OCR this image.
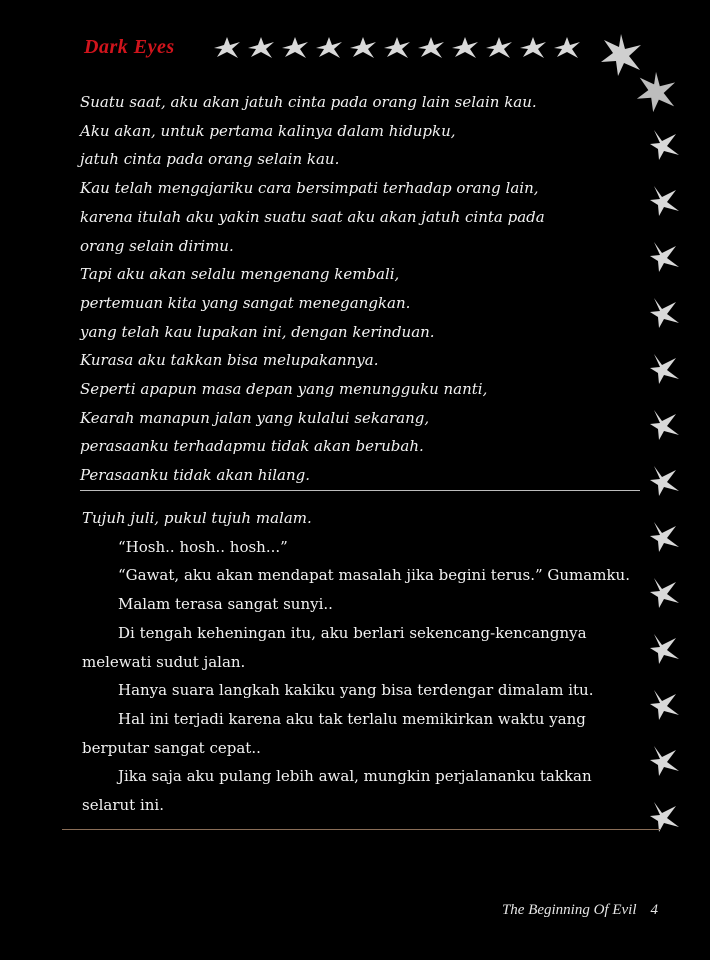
Dark Eyes
Suatu saat, aku akan jatuh cinta pada orang lain selain kau.
Aku akan, untuk pertama kalinya dalam hidupku,
jatuh cinta pada orang selain kau.
Kau telah mengajariku cara bersimpati terhadap orang lain,
karena itulah aku yakin suatu saat aku akan jatuh cinta pada
orang selain dirimu.
Tapi aku akan selalu mengenang kembali,
pertemuan kita yang sangat menegangkan.
yang telah kau lupakan ini, dengan kerinduan.
Kurasa aku takkan bisa melupakannya.
Seperti apapun masa depan yang menungguku nanti,
Kearah manapun jalan yang kulalui sekarang,
perasaanku terhadapmu tidak akan berubah.
Perasaanku tidak akan hilang.
Tujuh juli, pukul tujuh malam.
“Hosh.. hosh.. hosh...”
“Gawat, aku akan mendapat masalah jika begini terus.” Gumamku.
Malam terasa sangat sunyi..
Di tengah keheningan itu, aku berlari sekencang-kencangnya melewati sudut jalan.
Hanya suara langkah kakiku yang bisa terdengar dimalam itu.
Hal ini terjadi karena aku tak terlalu memikirkan waktu yang berputar sangat cepat..
Jika saja aku pulang lebih awal, mungkin perjalananku takkan selarut ini.
The Beginning Of Evil 4
